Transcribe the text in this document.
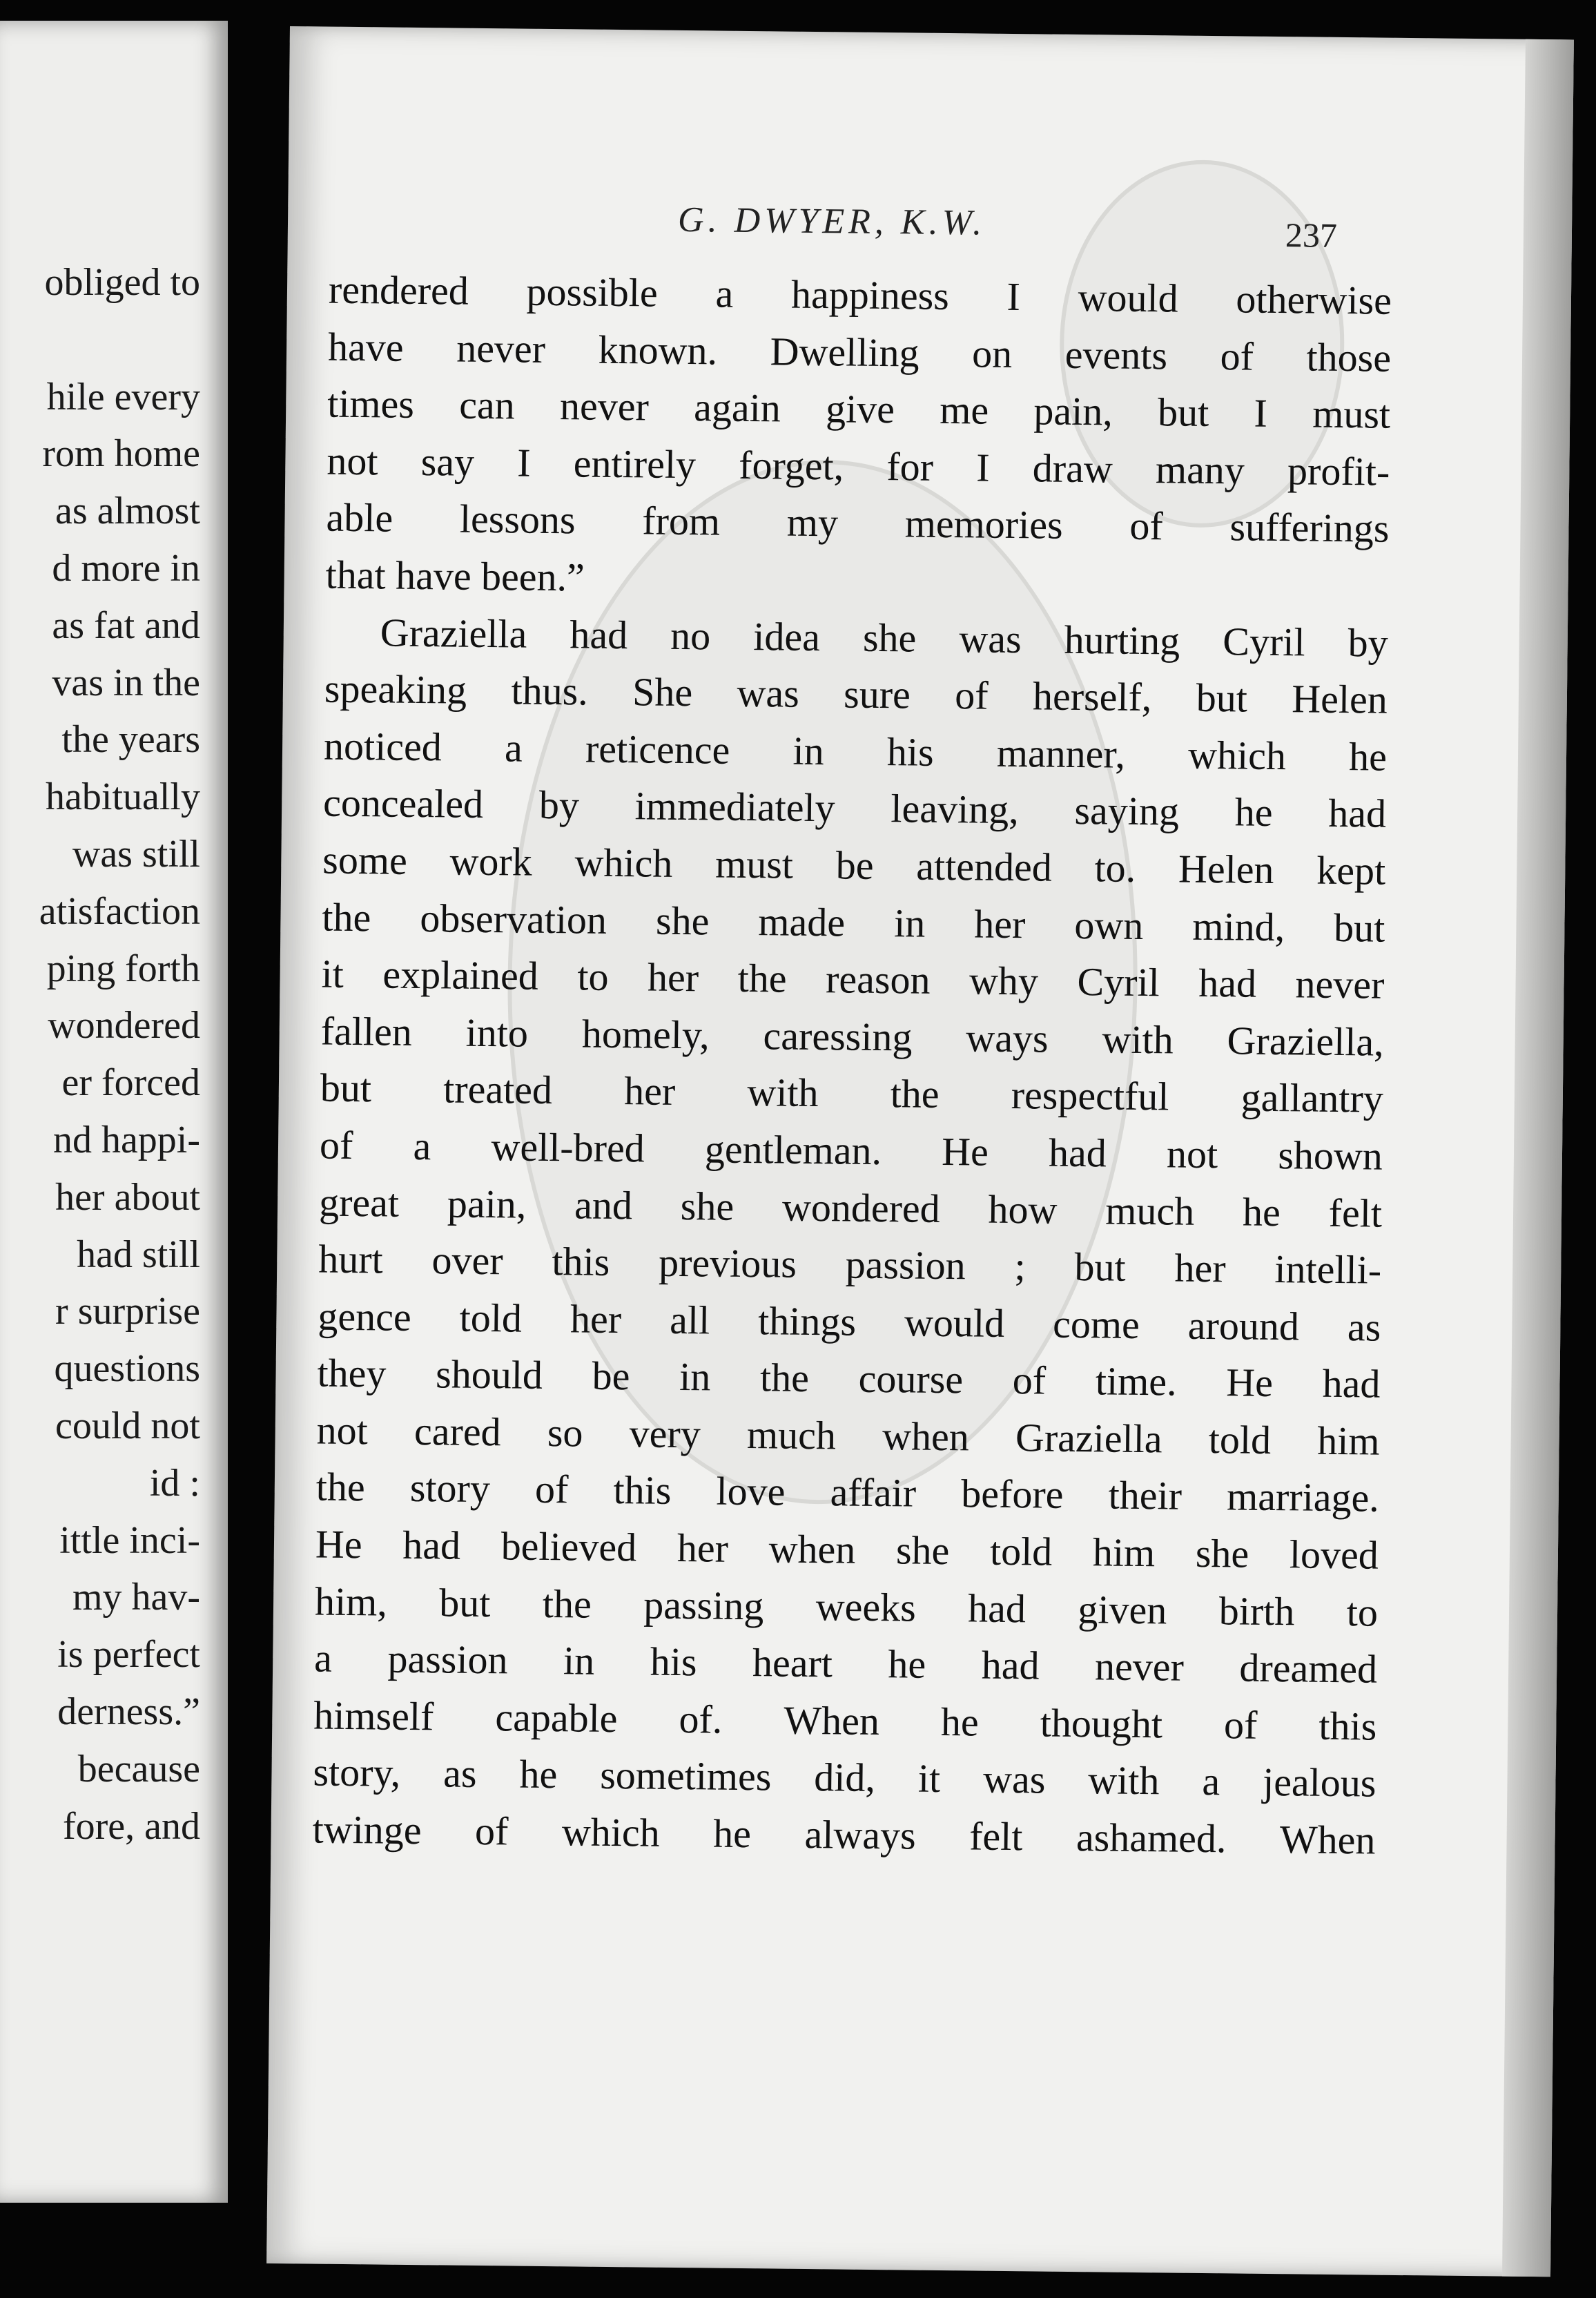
obliged to
hile every
rom home
as almost
d more in
as fat and
vas in the
the years
habitually
was still
atisfaction
ping forth
wondered
er forced
nd happi-
her about
had still
r surprise
questions
could not
id :
ittle inci-
my hav-
is perfect
derness.”
because
fore, and
G. DWYER, K.W.	237
rendered possible a happiness I would otherwise
have never known. Dwelling on events of those
times can never again give me pain, but I must
not say I entirely forget, for I draw many profit-
able lessons from my memories of sufferings
that have been.”
Graziella had no idea she was hurting Cyril by
speaking thus. She was sure of herself, but Helen
noticed a reticence in his manner, which he
concealed by immediately leaving, saying he had
some work which must be attended to. Helen kept
the observation she made in her own mind, but
it explained to her the reason why Cyril had never
fallen into homely, caressing ways with Graziella,
but treated her with the respectful gallantry
of a well-bred gentleman. He had not shown
great pain, and she wondered how much he felt
hurt over this previous passion ; but her intelli-
gence told her all things would come around as
they should be in the course of time. He had
not cared so very much when Graziella told him
the story of this love affair before their marriage.
He had believed her when she told him she loved
him, but the passing weeks had given birth to
a passion in his heart he had never dreamed
himself capable of. When he thought of this
story, as he sometimes did, it was with a jealous
twinge of which he always felt ashamed. When
